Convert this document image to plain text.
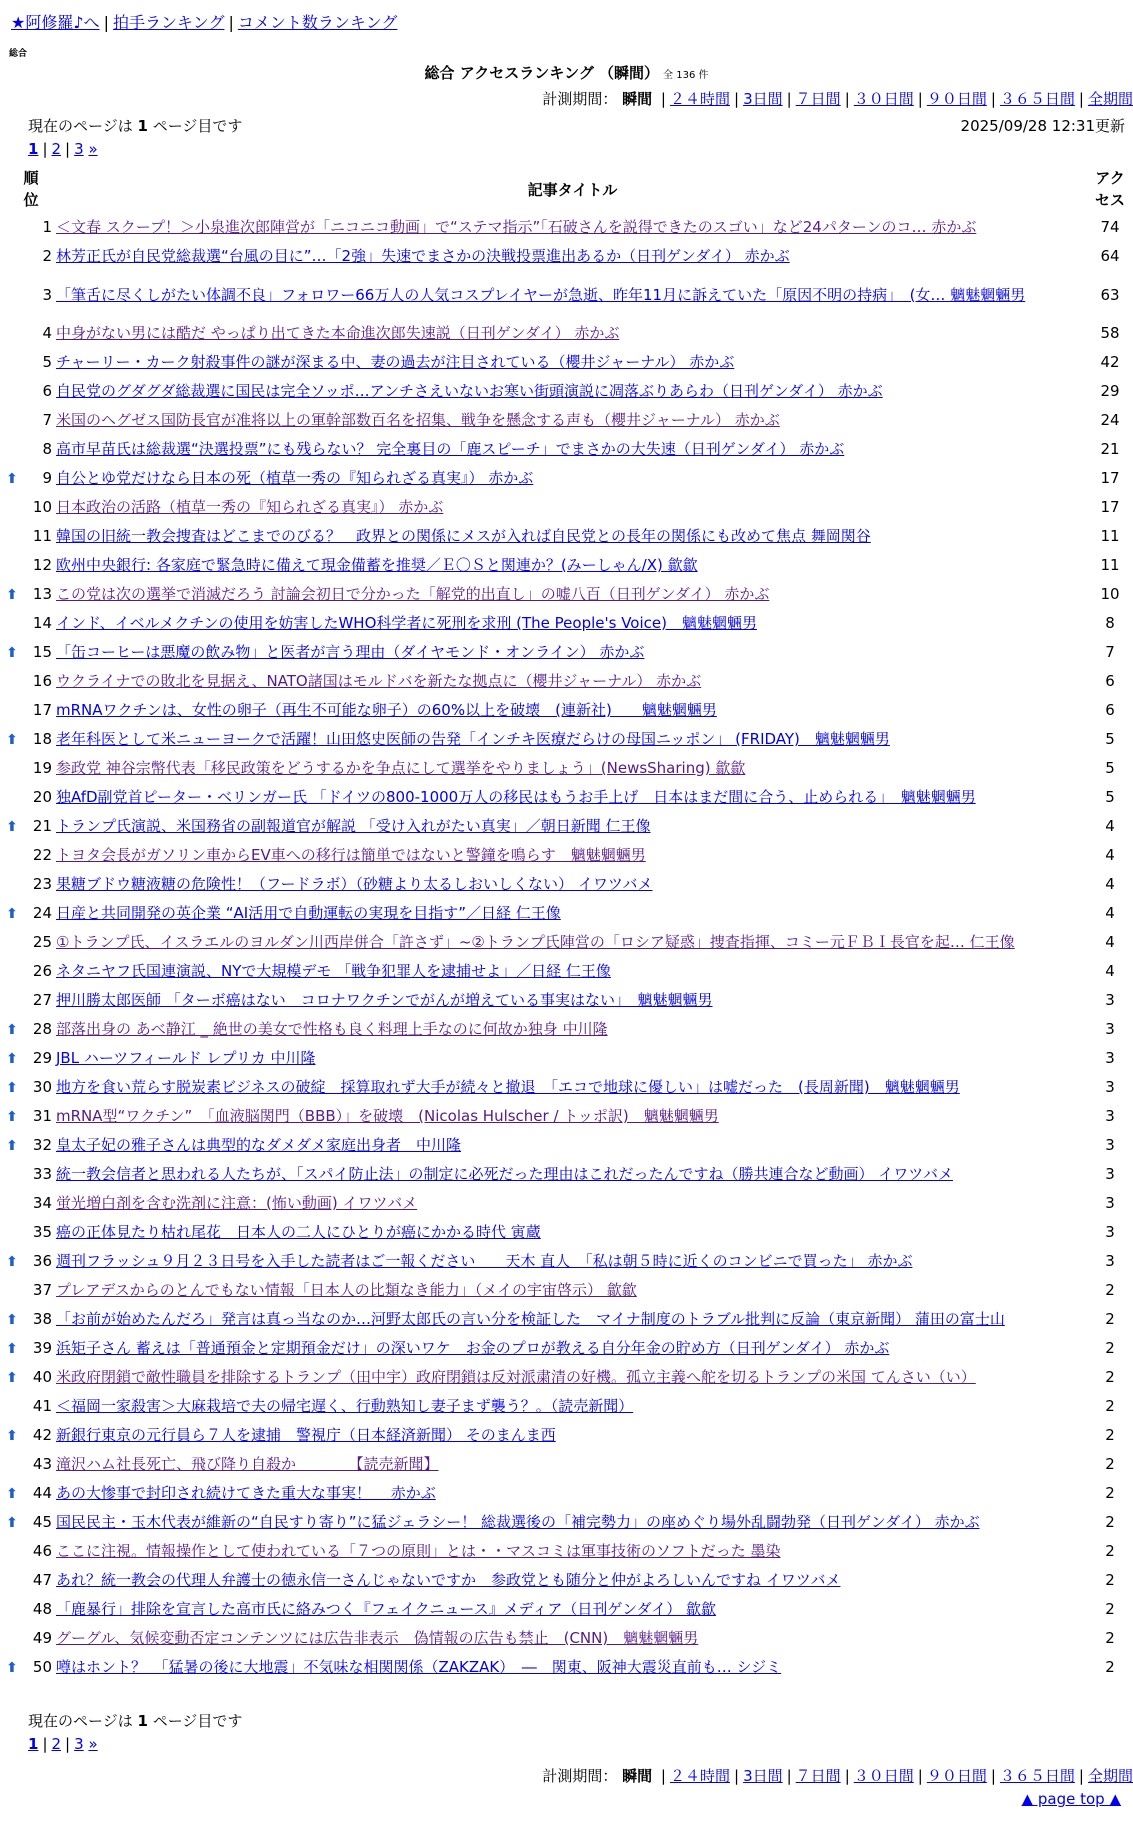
★阿修羅♪へ | 拍手ランキング | コメント数ランキング
総合
総合 アクセスランキング （瞬間） 全 136 件
計測期間： 瞬間 | ２４時間 | 3日間 | ７日間 | ３０日間 | ９０日間 | ３６５日間 | 全期間
現在のページは 1 ページ目です	2025/09/28 12:31更新
1 | 2 | 3 »
順位		記事タイトル	アクセス
	1	＜文春 スクープ！＞小泉進次郎陣営が「ニコニコ動画」で“ステマ指示”「石破さんを説得できたのスゴい」など24パターンのコ… 赤かぶ	74
	2	林芳正氏が自民党総裁選“台風の目に”…「2強」失速でまさかの決戦投票進出あるか（日刊ゲンダイ） 赤かぶ	64
	3	「筆舌に尽くしがたい体調不良」フォロワー66万人の人気コスプレイヤーが急逝、昨年11月に訴えていた「原因不明の持病」　(女… 魑魅魍魎男	63
	4	中身がない男には酷だ やっぱり出てきた本命進次郎失速説（日刊ゲンダイ） 赤かぶ	58
	5	チャーリー・カーク射殺事件の謎が深まる中、妻の過去が注目されている（櫻井ジャーナル） 赤かぶ	42
	6	自民党のグダグダ総裁選に国民は完全ソッポ…アンチさえいないお寒い街頭演説に凋落ぶりあらわ（日刊ゲンダイ） 赤かぶ	29
	7	米国のヘグゼス国防長官が准将以上の軍幹部数百名を招集、戦争を懸念する声も（櫻井ジャーナル） 赤かぶ	24
	8	高市早苗氏は総裁選“決選投票”にも残らない？ 完全裏目の「鹿スピーチ」でまさかの大失速（日刊ゲンダイ） 赤かぶ	21
⬆	9	自公とゆ党だけなら日本の死（植草一秀の『知られざる真実』） 赤かぶ	17
	10	日本政治の活路（植草一秀の『知られざる真実』） 赤かぶ	17
	11	韓国の旧統一教会捜査はどこまでのびる？　政界との関係にメスが入れば自民党との長年の関係にも改めて焦点 舞岡関谷	11
	12	欧州中央銀行: 各家庭で緊急時に備えて現金備蓄を推奨／Ｅ〇Ｓと関連か？(みーしゃん/X) 歙歙	11
⬆	13	この党は次の選挙で消滅だろう 討論会初日で分かった「解党的出直し」の嘘八百（日刊ゲンダイ） 赤かぶ	10
	14	インド、イベルメクチンの使用を妨害したWHO科学者に死刑を求刑 (The People's Voice)　魑魅魍魎男	8
⬆	15	「缶コーヒーは悪魔の飲み物」と医者が言う理由（ダイヤモンド・オンライン） 赤かぶ	7
	16	ウクライナでの敗北を見据え、NATO諸国はモルドバを新たな拠点に（櫻井ジャーナル） 赤かぶ	6
	17	mRNAワクチンは、女性の卵子（再生不可能な卵子）の60%以上を破壊　(連新社)　　魑魅魍魎男	6
⬆	18	老年科医として米ニューヨークで活躍！山田悠史医師の告発「インチキ医療だらけの母国ニッポン」 (FRIDAY)　魑魅魍魎男	5
	19	参政党 神谷宗幣代表「移民政策をどうするかを争点にして選挙をやりましょう」(NewsSharing) 歙歙	5
	20	独AfD副党首ピーター・ベリンガー氏 「ドイツの800-1000万人の移民はもうお手上げ　日本はまだ間に合う、止められる」　魑魅魍魎男	5
⬆	21	トランプ氏演説、米国務省の副報道官が解説 「受け入れがたい真実」／朝日新聞 仁王像	4
	22	トヨタ会長がガソリン車からEV車への移行は簡単ではないと警鐘を鳴らす　魑魅魍魎男	4
	23	果糖ブドウ糖液糖の危険性！（フードラボ）（砂糖より太るしおいしくない） イワツバメ	4
⬆	24	日産と共同開発の英企業 “AI活用で自動運転の実現を目指す”／日経 仁王像	4
	25	①トランプ氏、イスラエルのヨルダン川西岸併合「許さず」~②トランプ氏陣営の「ロシア疑惑」捜査指揮、コミー元ＦＢＩ長官を起… 仁王像	4
	26	ネタニヤフ氏国連演説、NYで大規模デモ 「戦争犯罪人を逮捕せよ」／日経 仁王像	4
	27	押川勝太郎医師 「ターボ癌はない　コロナワクチンでがんが増えている事実はない」　魑魅魍魎男	3
⬆	28	部落出身の あべ静江 _ 絶世の美女で性格も良く料理上手なのに何故か独身 中川隆	3
⬆	29	JBL ハーツフィールド レプリカ 中川隆	3
⬆	30	地方を食い荒らす脱炭素ビジネスの破綻　採算取れず大手が続々と撤退　「エコで地球に優しい」は嘘だった　(長周新聞)　魑魅魍魎男	3
⬆	31	mRNA型“ワクチン”　「血液脳関門（BBB）」を破壊　(Nicolas Hulscher / トッポ訳)　魑魅魍魎男	3
⬆	32	皇太子妃の雅子さんは典型的なダメダメ家庭出身者　中川隆	3
	33	統一教会信者と思われる人たちが、「スパイ防止法」の制定に必死だった理由はこれだったんですね（勝共連合など動画） イワツバメ	3
	34	蛍光増白剤を含む洗剤に注意：(怖い動画) イワツバメ	3
	35	癌の正体見たり枯れ尾花　日本人の二人にひとりが癌にかかる時代 寅蔵	3
⬆	36	週刊フラッシュ９月２３日号を入手した読者はご一報ください　　天木 直人　「私は朝５時に近くのコンビニで買った」 赤かぶ	3
	37	プレアデスからのとんでもない情報「日本人の比類なき能力」（メイの宇宙啓示） 歙歙	2
⬆	38	「お前が始めたんだろ」発言は真っ当なのか…河野太郎氏の言い分を検証した　マイナ制度のトラブル批判に反論（東京新聞） 蒲田の富士山	2
⬆	39	浜矩子さん 蓄えは「普通預金と定期預金だけ」の深いワケ　お金のプロが教える自分年金の貯め方（日刊ゲンダイ） 赤かぶ	2
⬆	40	米政府閉鎖で敵性職員を排除するトランプ（田中宇）政府閉鎖は反対派粛清の好機。孤立主義へ舵を切るトランプの米国 てんさい（い）	2
	41	＜福岡一家殺害＞大麻栽培で夫の帰宅遅く、行動熟知し妻子まず襲う？。（読売新聞）	2
⬆	42	新銀行東京の元行員ら７人を逮捕　警視庁（日本経済新聞） そのまんま西	2
	43	滝沢ハム社長死亡、飛び降り自殺か　　　　【読売新聞】	2
⬆	44	あの大惨事で封印され続けてきた重大な事実！　 赤かぶ	2
⬆	45	国民民主・玉木代表が維新の“自民すり寄り”に猛ジェラシー！ 総裁選後の「補完勢力」の座めぐり場外乱闘勃発（日刊ゲンダイ） 赤かぶ	2
	46	ここに注視。情報操作として使われている「７つの原則」とは・・マスコミは軍事技術のソフトだった 墨染	2
	47	あれ？統一教会の代理人弁護士の徳永信一さんじゃないですか　参政党とも随分と仲がよろしいんですね イワツバメ	2
	48	「鹿暴行」排除を宣言した高市氏に絡みつく『フェイクニュース』メディア（日刊ゲンダイ） 歙歙	2
	49	グーグル、気候変動否定コンテンツには広告非表示　偽情報の広告も禁止　(CNN)　魑魅魍魎男	2
⬆	50	噂はホント？　「猛暑の後に大地震」不気味な相関関係（ZAKZAK）　―　関東、阪神大震災直前も… シジミ	2
現在のページは 1 ページ目です
1 | 2 | 3 »
計測期間： 瞬間 | ２４時間 | 3日間 | ７日間 | ３０日間 | ９０日間 | ３６５日間 | 全期間
▲ page top ▲
